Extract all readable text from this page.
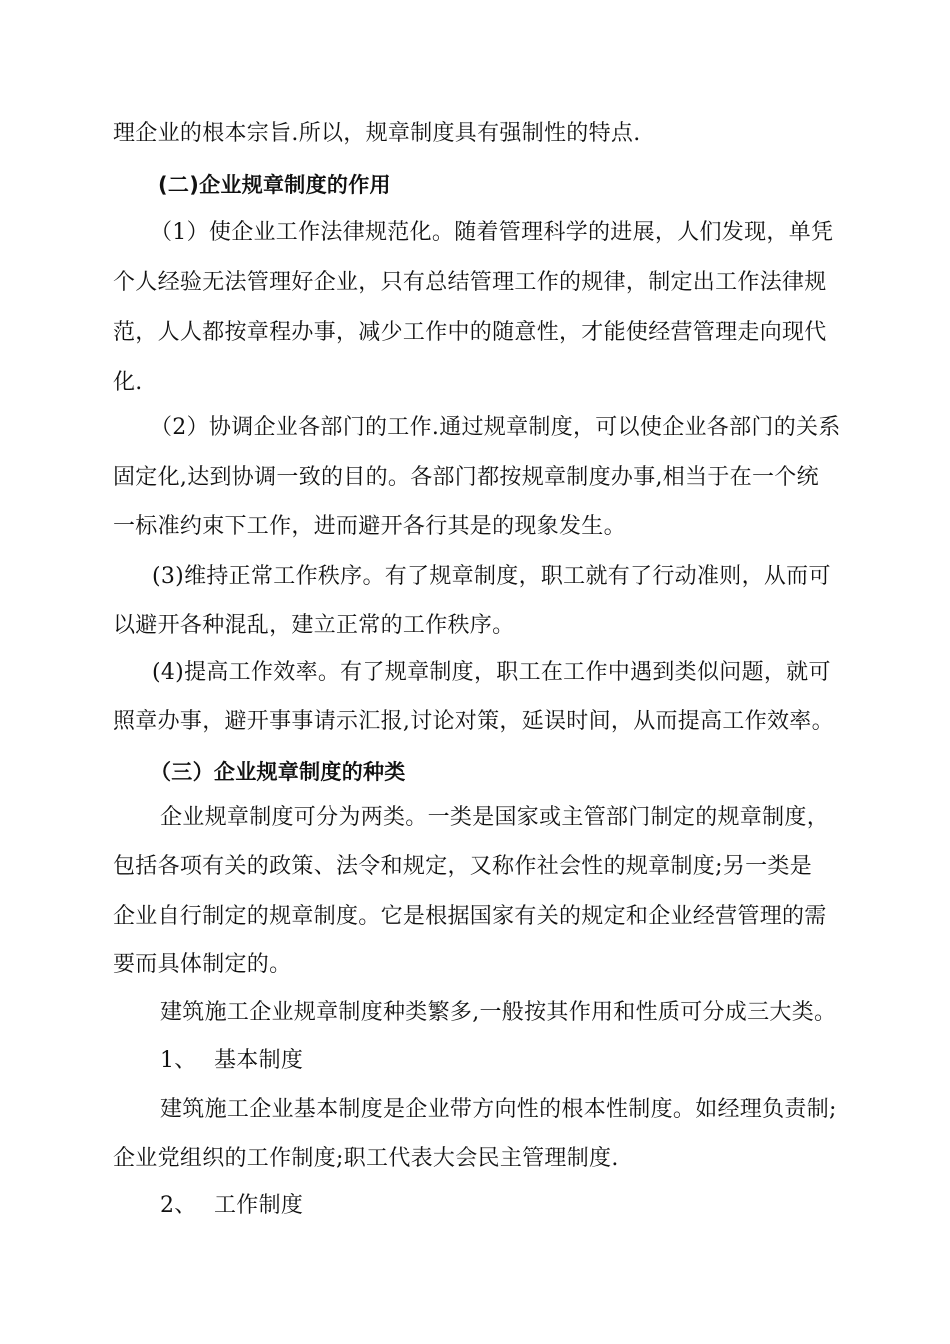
理企业的根本宗旨.所以，规章制度具有强制性的特点.
(二)企业规章制度的作用
（1）使企业工作法律规范化。随着管理科学的进展，人们发现，单凭
个人经验无法管理好企业，只有总结管理工作的规律，制定出工作法律规
范，人人都按章程办事，减少工作中的随意性，才能使经营管理走向现代
化.
（2）协调企业各部门的工作.通过规章制度，可以使企业各部门的关系
固定化,达到协调一致的目的。各部门都按规章制度办事,相当于在一个统
一标准约束下工作，进而避开各行其是的现象发生。
(3)维持正常工作秩序。有了规章制度，职工就有了行动准则，从而可
以避开各种混乱，建立正常的工作秩序。
(4)提高工作效率。有了规章制度，职工在工作中遇到类似问题，就可
照章办事，避开事事请示汇报,讨论对策，延误时间，从而提高工作效率。
（三）企业规章制度的种类
企业规章制度可分为两类。一类是国家或主管部门制定的规章制度，
包括各项有关的政策、法令和规定，又称作社会性的规章制度;另一类是
企业自行制定的规章制度。它是根据国家有关的规定和企业经营管理的需
要而具体制定的。
建筑施工企业规章制度种类繁多,一般按其作用和性质可分成三大类。
1、 基本制度
建筑施工企业基本制度是企业带方向性的根本性制度。如经理负责制;
企业党组织的工作制度;职工代表大会民主管理制度.
2、 工作制度
